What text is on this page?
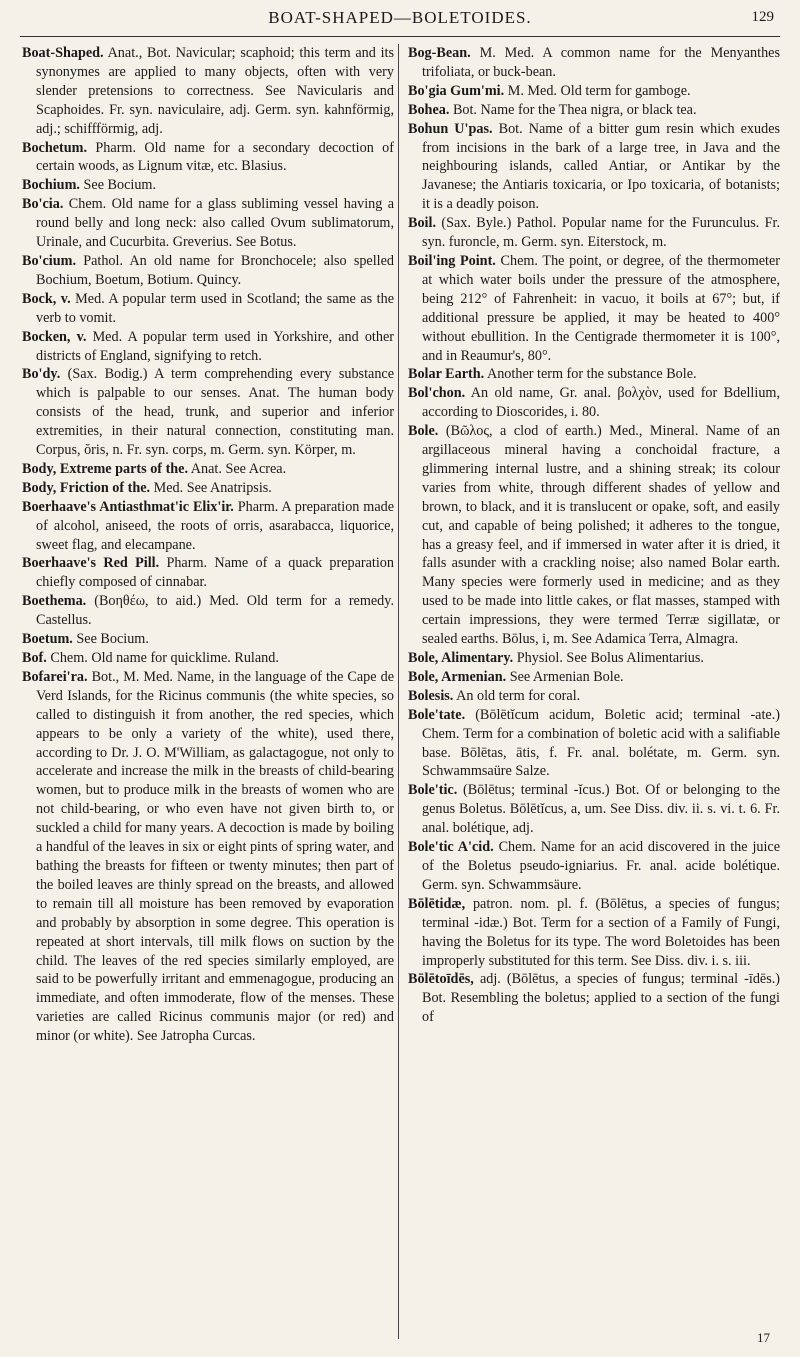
BOAT-SHAPED—BOLETOIDES.	129

Boat-Shaped. Anat., Bot. Navicular; scaphoid; this term and its synonymes are applied to many objects, often with very slender pretensions to correctness. See Navicularis and Scaphoides. Fr. syn. naviculaire, adj. Germ. syn. kahnförmig, adj.; schiffförmig, adj.

Bochetum. Pharm. Old name for a secondary decoction of certain woods, as Lignum vitæ, etc. Blasius.

Bochium. See Bocium.

Bo'cia. Chem. Old name for a glass subliming vessel having a round belly and long neck: also called Ovum sublimatorum, Urinale, and Cucurbita. Greverius. See Botus.

Bo'cium. Pathol. An old name for Bronchocele; also spelled Bochium, Boetum, Botium. Quincy.

Bock, v. Med. A popular term used in Scotland; the same as the verb to vomit.

Bocken, v. Med. A popular term used in Yorkshire, and other districts of England, signifying to retch.

Bo'dy. (Sax. Bodig.) A term comprehending every substance which is palpable to our senses. Anat. The human body consists of the head, trunk, and superior and inferior extremities, in their natural connection, constituting man. Corpus, ŏris, n. Fr. syn. corps, m. Germ. syn. Körper, m.

Body, Extreme parts of the. Anat. See Acrea.

Body, Friction of the. Med. See Anatripsis.

Boerhaave's Antiasthmat'ic Elix'ir. Pharm. A preparation made of alcohol, aniseed, the roots of orris, asarabacca, liquorice, sweet flag, and elecampane.

Boerhaave's Red Pill. Pharm. Name of a quack preparation chiefly composed of cinnabar.

Boethema. (Βοηθέω, to aid.) Med. Old term for a remedy. Castellus.

Boetum. See Bocium.

Bof. Chem. Old name for quicklime. Ruland.

Bofarei'ra. Bot., M. Med. Name, in the language of the Cape de Verd Islands, for the Ricinus communis (the white species, so called to distinguish it from another, the red species, which appears to be only a variety of the white), used there, according to Dr. J. O. M'William, as galactagogue, not only to accelerate and increase the milk in the breasts of child-bearing women, but to produce milk in the breasts of women who are not child-bearing, or who even have not given birth to, or suckled a child for many years. A decoction is made by boiling a handful of the leaves in six or eight pints of spring water, and bathing the breasts for fifteen or twenty minutes; then part of the boiled leaves are thinly spread on the breasts, and allowed to remain till all moisture has been removed by evaporation and probably by absorption in some degree. This operation is repeated at short intervals, till milk flows on suction by the child. The leaves of the red species similarly employed, are said to be powerfully irritant and emmenagogue, producing an immediate, and often immoderate, flow of the menses. These varieties are called Ricinus communis major (or red) and minor (or white). See Jatropha Curcas.

Bog-Bean. M. Med. A common name for the Menyanthes trifoliata, or buck-bean.

Bo'gia Gum'mi. M. Med. Old term for gamboge.

Bohea. Bot. Name for the Thea nigra, or black tea.

Bohun U'pas. Bot. Name of a bitter gum resin which exudes from incisions in the bark of a large tree, in Java and the neighbouring islands, called Antiar, or Antikar by the Javanese; the Antiaris toxicaria, or Ipo toxicaria, of botanists; it is a deadly poison.

Boil. (Sax. Byle.) Pathol. Popular name for the Furunculus. Fr. syn. furoncle, m. Germ. syn. Eiterstock, m.

Boil'ing Point. Chem. The point, or degree, of the thermometer at which water boils under the pressure of the atmosphere, being 212° of Fahrenheit: in vacuo, it boils at 67°; but, if additional pressure be applied, it may be heated to 400° without ebullition. In the Centigrade thermometer it is 100°, and in Reaumur's, 80°.

Bolar Earth. Another term for the substance Bole.

Bol'chon. An old name, Gr. anal. βολχὸν, used for Bdellium, according to Dioscorides, i. 80.

Bole. (Βῶλος, a clod of earth.) Med., Mineral. Name of an argillaceous mineral having a conchoidal fracture, a glimmering internal lustre, and a shining streak; its colour varies from white, through different shades of yellow and brown, to black, and it is translucent or opake, soft, and easily cut, and capable of being polished; it adheres to the tongue, has a greasy feel, and if immersed in water after it is dried, it falls asunder with a crackling noise; also named Bolar earth. Many species were formerly used in medicine; and as they used to be made into little cakes, or flat masses, stamped with certain impressions, they were termed Terræ sigillatæ, or sealed earths. Bōlus, i, m. See Adamica Terra, Almagra.

Bole, Alimentary. Physiol. See Bolus Alimentarius.

Bole, Armenian. See Armenian Bole.

Bolesis. An old term for coral.

Bole'tate. (Bōlētĭcum acidum, Boletic acid; terminal -ate.) Chem. Term for a combination of boletic acid with a salifiable base. Bōlētas, ātis, f. Fr. anal. bolétate, m. Germ. syn. Schwammsaüre Salze.

Bole'tic. (Bōlētus; terminal -ĭcus.) Bot. Of or belonging to the genus Boletus. Bōlētĭcus, a, um. See Diss. div. ii. s. vi. t. 6. Fr. anal. bolétique, adj.

Bole'tic A'cid. Chem. Name for an acid discovered in the juice of the Boletus pseudo-igniarius. Fr. anal. acide bolétique. Germ. syn. Schwammsäure.

Bōlētidæ, patron. nom. pl. f. (Bōlētus, a species of fungus; terminal -idæ.) Bot. Term for a section of a Family of Fungi, having the Boletus for its type. The word Boletoides has been improperly substituted for this term. See Diss. div. i. s. iii.

Bōlētoīdēs, adj. (Bōlētus, a species of fungus; terminal -īdēs.) Bot. Resembling the boletus; applied to a section of the fungi of

17
